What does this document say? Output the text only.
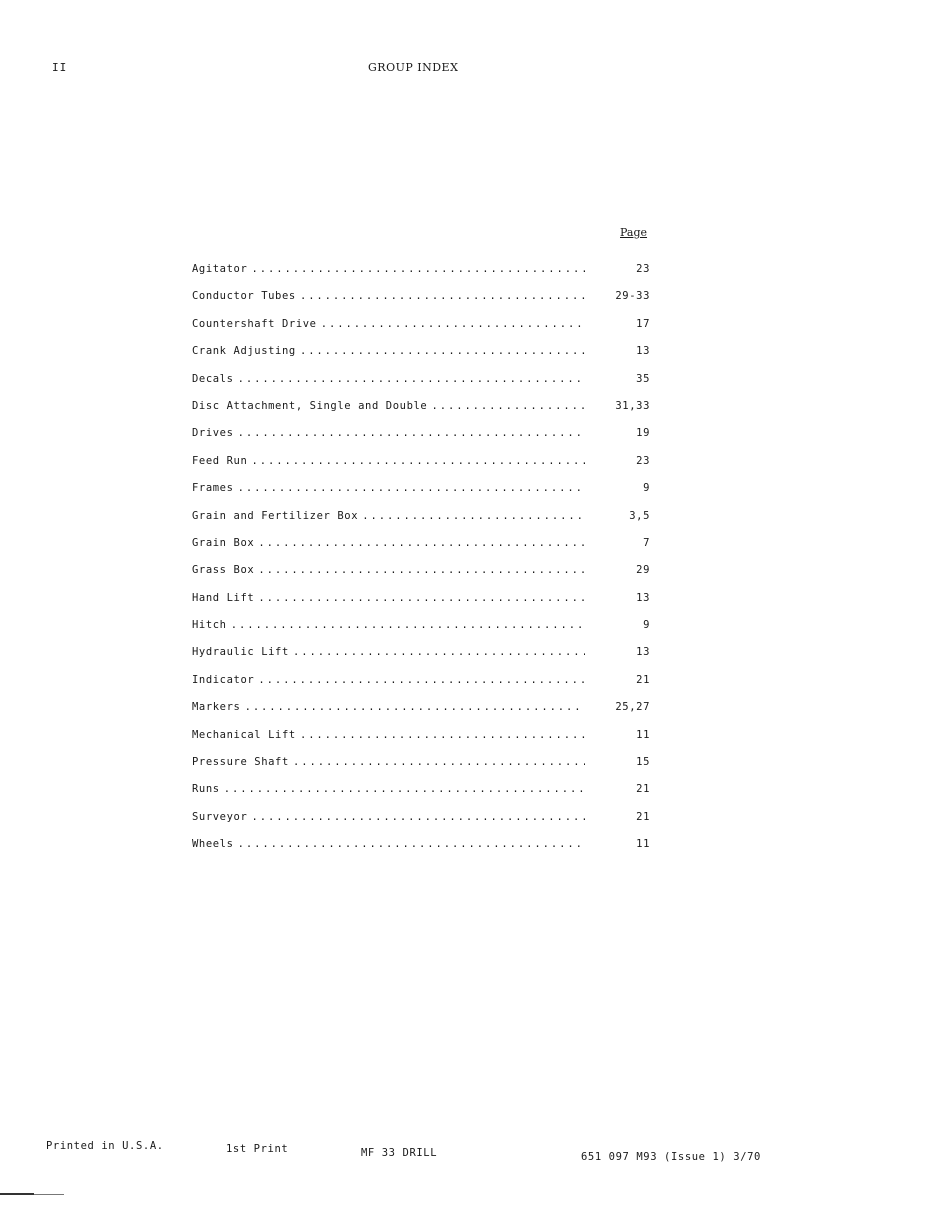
II	GROUP INDEX
Page
Agitator . . .	23
Conductor Tubes . . .	29-33
Countershaft Drive . . .	17
Crank Adjusting . . .	13
Decals . . .	35
Disc Attachment, Single and Double . . .	31,33
Drives . . .	19
Feed Run . . .	23
Frames . . .	9
Grain and Fertilizer Box . . .	3,5
Grain Box . . .	7
Grass Box . . .	29
Hand Lift . . .	13
Hitch . . .	9
Hydraulic Lift . . .	13
Indicator . . .	21
Markers . . .	25,27
Mechanical Lift . . .	11
Pressure Shaft . . .	15
Runs . . .	21
Surveyor . . .	21
Wheels . . .	11
Printed in U.S.A.	1st Print	MF 33 DRILL	651 097 M93 (Issue 1) 3/70
